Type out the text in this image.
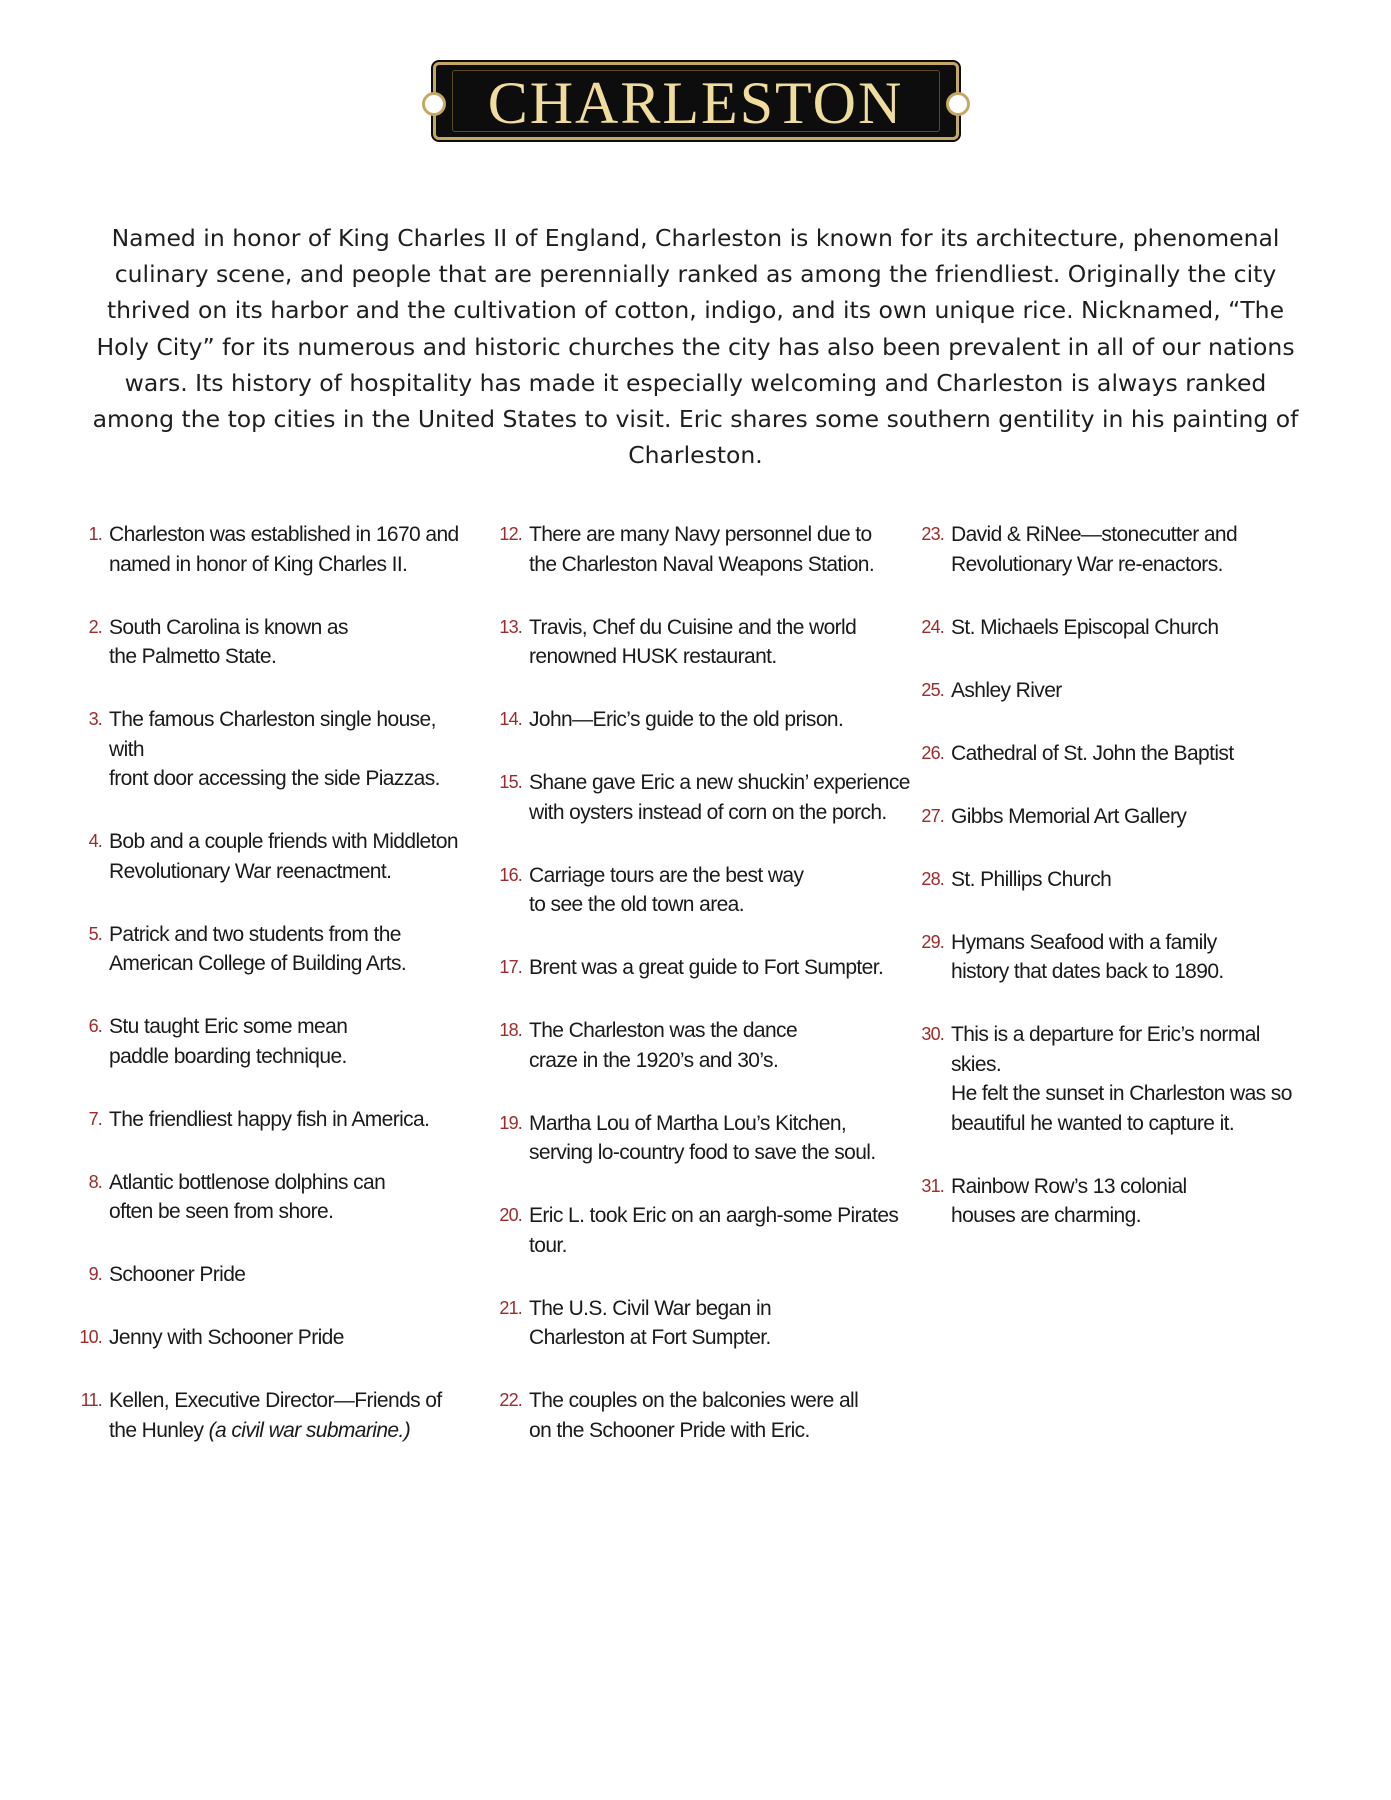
CHARLESTON

Named in honor of King Charles II of England, Charleston is known for its architecture, phenomenal culinary scene, and people that are perennially ranked as among the friendliest. Originally the city thrived on its harbor and the cultivation of cotton, indigo, and its own unique rice. Nicknamed, “The Holy City” for its numerous and historic churches the city has also been prevalent in all of our nations wars. Its history of hospitality has made it especially welcoming and Charleston is always ranked among the top cities in the United States to visit. Eric shares some southern gentility in his painting of Charleston.

1. Charleston was established in 1670 and
named in honor of King Charles II.
2. South Carolina is known as
the Palmetto State.
3. The famous Charleston single house, with
front door accessing the side Piazzas.
4. Bob and a couple friends with Middleton
Revolutionary War reenactment.
5. Patrick and two students from the
American College of Building Arts.
6. Stu taught Eric some mean
paddle boarding technique.
7. The friendliest happy fish in America.
8. Atlantic bottlenose dolphins can
often be seen from shore.
9. Schooner Pride
10. Jenny with Schooner Pride
11. Kellen, Executive Director—Friends of
the Hunley (a civil war submarine.)
12. There are many Navy personnel due to
the Charleston Naval Weapons Station.
13. Travis, Chef du Cuisine and the world
renowned HUSK restaurant.
14. John—Eric’s guide to the old prison.
15. Shane gave Eric a new shuckin’ experience
with oysters instead of corn on the porch.
16. Carriage tours are the best way
to see the old town area.
17. Brent was a great guide to Fort Sumpter.
18. The Charleston was the dance
craze in the 1920’s and 30’s.
19. Martha Lou of Martha Lou’s Kitchen,
serving lo-country food to save the soul.
20. Eric L. took Eric on an aargh-some Pirates tour.
21. The U.S. Civil War began in
Charleston at Fort Sumpter.
22. The couples on the balconies were all
on the Schooner Pride with Eric.
23. David & RiNee—stonecutter and
Revolutionary War re-enactors.
24. St. Michaels Episcopal Church
25. Ashley River
26. Cathedral of St. John the Baptist
27. Gibbs Memorial Art Gallery
28. St. Phillips Church
29. Hymans Seafood with a family
history that dates back to 1890.
30. This is a departure for Eric’s normal skies.
He felt the sunset in Charleston was so
beautiful he wanted to capture it.
31. Rainbow Row’s 13 colonial
houses are charming.
